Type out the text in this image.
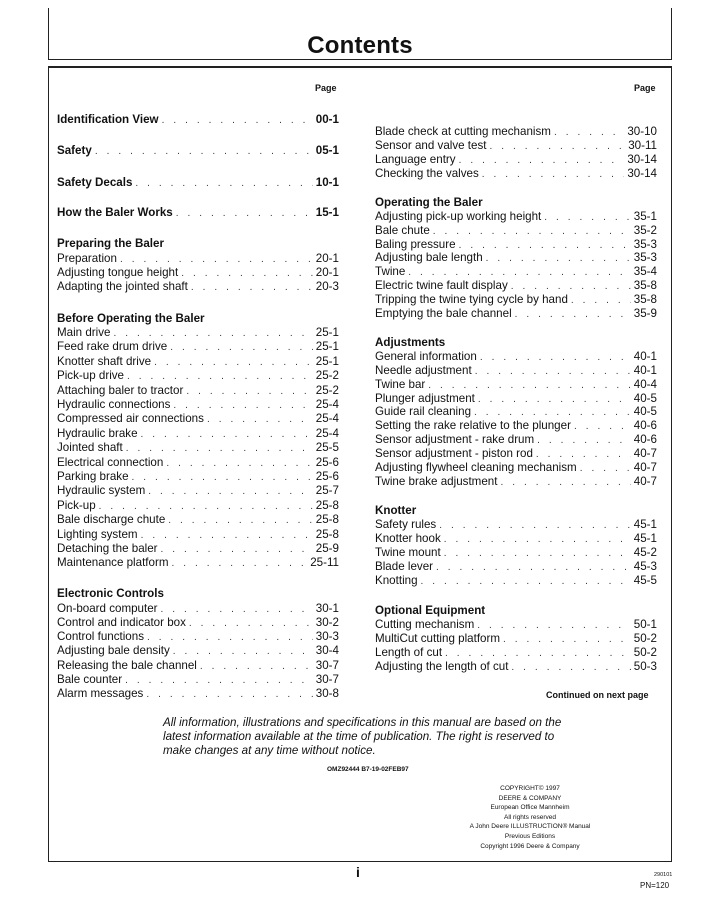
Contents
Page	Page
Identification View . . .	00-1
Safety . . .	05-1
Safety Decals . . .	10-1
How the Baler Works . . .	15-1
Preparing the Baler
Preparation . . .	20-1
Adjusting tongue height . . .	20-1
Adapting the jointed shaft . . .	20-3
Before Operating the Baler
Main drive . . .	25-1
Feed rake drum drive . . .	25-1
Knotter shaft drive . . .	25-1
Pick-up drive . . .	25-2
Attaching baler to tractor . . .	25-2
Hydraulic connections . . .	25-4
Compressed air connections . . .	25-4
Hydraulic brake . . .	25-4
Jointed shaft . . .	25-5
Electrical connection . . .	25-6
Parking brake . . .	25-6
Hydraulic system . . .	25-7
Pick-up . . .	25-8
Bale discharge chute . . .	25-8
Lighting system . . .	25-8
Detaching the baler . . .	25-9
Maintenance platform . . .	25-11
Electronic Controls
On-board computer . . .	30-1
Control and indicator box . . .	30-2
Control functions . . .	30-3
Adjusting bale density . . .	30-4
Releasing the bale channel . . .	30-7
Bale counter . . .	30-7
Alarm messages . . .	30-8
Blade check at cutting mechanism . . .	30-10
Sensor and valve test . . .	30-11
Language entry . . .	30-14
Checking the valves . . .	30-14
Operating the Baler
Adjusting pick-up working height . . .	35-1
Bale chute . . .	35-2
Baling pressure . . .	35-3
Adjusting bale length . . .	35-3
Twine . . .	35-4
Electric twine fault display . . .	35-8
Tripping the twine tying cycle by hand . . .	35-8
Emptying the bale channel . . .	35-9
Adjustments
General information . . .	40-1
Needle adjustment . . .	40-1
Twine bar . . .	40-4
Plunger adjustment . . .	40-5
Guide rail cleaning . . .	40-5
Setting the rake relative to the plunger . . .	40-6
Sensor adjustment - rake drum . . .	40-6
Sensor adjustment - piston rod . . .	40-7
Adjusting flywheel cleaning mechanism . . .	40-7
Twine brake adjustment . . .	40-7
Knotter
Safety rules . . .	45-1
Knotter hook . . .	45-1
Twine mount . . .	45-2
Blade lever . . .	45-3
Knotting . . .	45-5
Optional Equipment
Cutting mechanism . . .	50-1
MultiCut cutting platform . . .	50-2
Length of cut . . .	50-2
Adjusting the length of cut . . .	50-3
Continued on next page
All information, illustrations and specifications in this manual are based on the latest information available at the time of publication. The right is reserved to make changes at any time without notice.
OMZ92444 B7-19-02FEB97
COPYRIGHT© 1997
DEERE & COMPANY
European Office Mannheim
All rights reserved
A John Deere ILLUSTRUCTION® Manual
Previous Editions
Copyright 1996 Deere & Company
i	290101
PN=120
